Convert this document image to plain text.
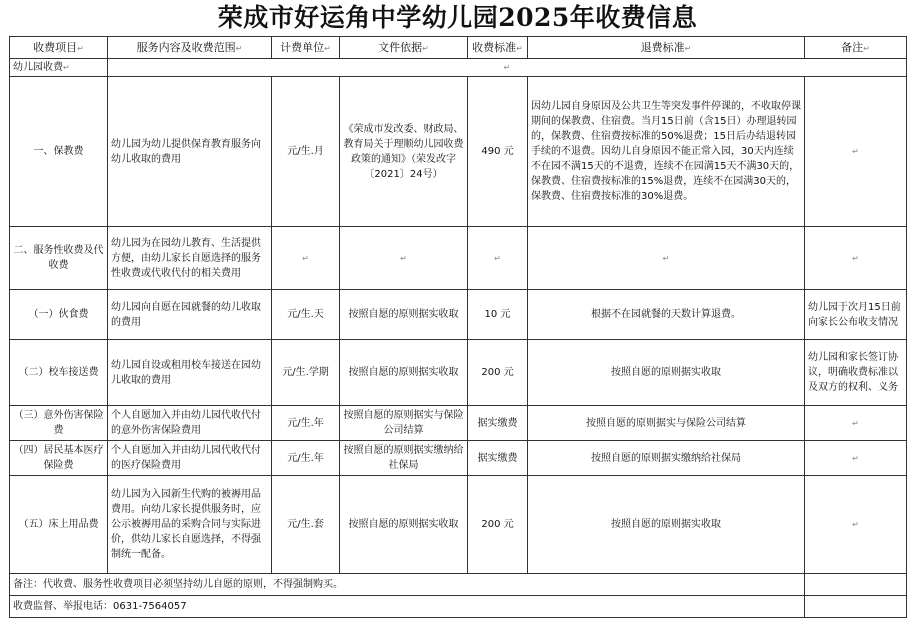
荣成市好运角中学幼儿园2025年收费信息
收费项目↵	服务内容及收费范围↵	计费单位↵	文件依据↵	收费标准↵	退费标准↵	备注↵
幼儿园收费↵	↵					
一、保教费	幼儿园为幼儿提供保育教育服务向幼儿收取的费用	元/生.月	《荣成市发改委、财政局、教育局关于理顺幼儿园收费政策的通知》（荣发改字〔2021〕24号）	490 元	因幼儿园自身原因及公共卫生等突发事件停课的，不收取停课期间的保教费、住宿费。当月15日前（含15日）办理退转园的，保教费、住宿费按标准的50%退费；15日后办结退转园手续的不退费。因幼儿自身原因不能正常入园，30天内连续不在园不满15天的不退费，连续不在园满15天不满30天的，保教费、住宿费按标准的15%退费，连续不在园满30天的，保教费、住宿费按标准的30%退费。	↵
二、服务性收费及代收费	幼儿园为在园幼儿教育、生活提供方便，由幼儿家长自愿选择的服务性收费或代收代付的相关费用	↵	↵	↵	↵	↵
（一）伙食费	幼儿园向自愿在园就餐的幼儿收取的费用	元/生.天	按照自愿的原则据实收取	10 元	根据不在园就餐的天数计算退费。	幼儿园于次月15日前向家长公布收支情况
（二）校车接送费	幼儿园自设或租用校车接送在园幼儿收取的费用	元/生.学期	按照自愿的原则据实收取	200 元	按照自愿的原则据实收取	幼儿园和家长签订协议，明确收费标准以及双方的权利、义务
（三）意外伤害保险费	个人自愿加入并由幼儿园代收代付的意外伤害保险费用	元/生.年	按照自愿的原则据实与保险公司结算	据实缴费	按照自愿的原则据实与保险公司结算	↵
（四）居民基本医疗保险费	个人自愿加入并由幼儿园代收代付的医疗保险费用	元/生.年	按照自愿的原则据实缴纳给社保局	据实缴费	按照自愿的原则据实缴纳给社保局	↵
（五）床上用品费	幼儿园为入园新生代购的被褥用品费用。向幼儿家长提供服务时，应公示被褥用品的采购合同与实际进价，供幼儿家长自愿选择，不得强制统一配备。	元/生.套	按照自愿的原则据实收取	200 元	按照自愿的原则据实收取	↵
备注：代收费、服务性收费项目必须坚持幼儿自愿的原则，不得强制购买。						
收费监督、举报电话：0631-7564057						
